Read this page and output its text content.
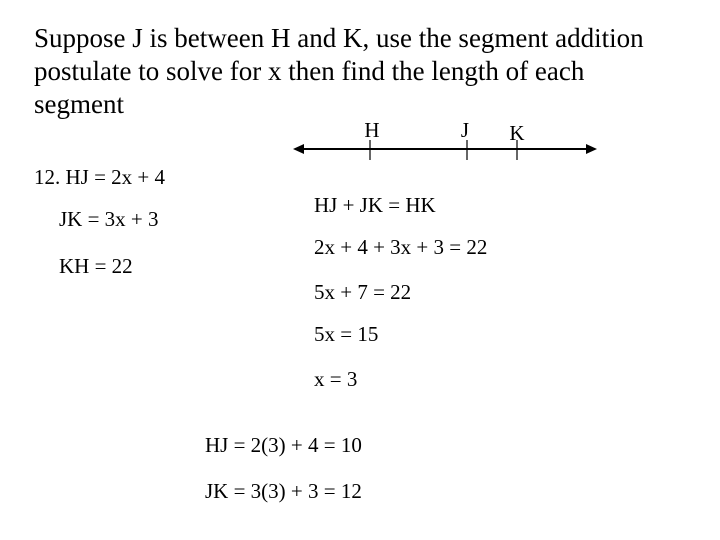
Suppose J is between H and K, use the segment addition
postulate to solve for x then find the length of each
segment
H	J K
12. HJ = 2x + 4
JK = 3x + 3
KH = 22
HJ + JK = HK
2x + 4 + 3x + 3 = 22
5x + 7 = 22
5x = 15
x = 3
HJ = 2(3) + 4 = 10
JK = 3(3) + 3 = 12
